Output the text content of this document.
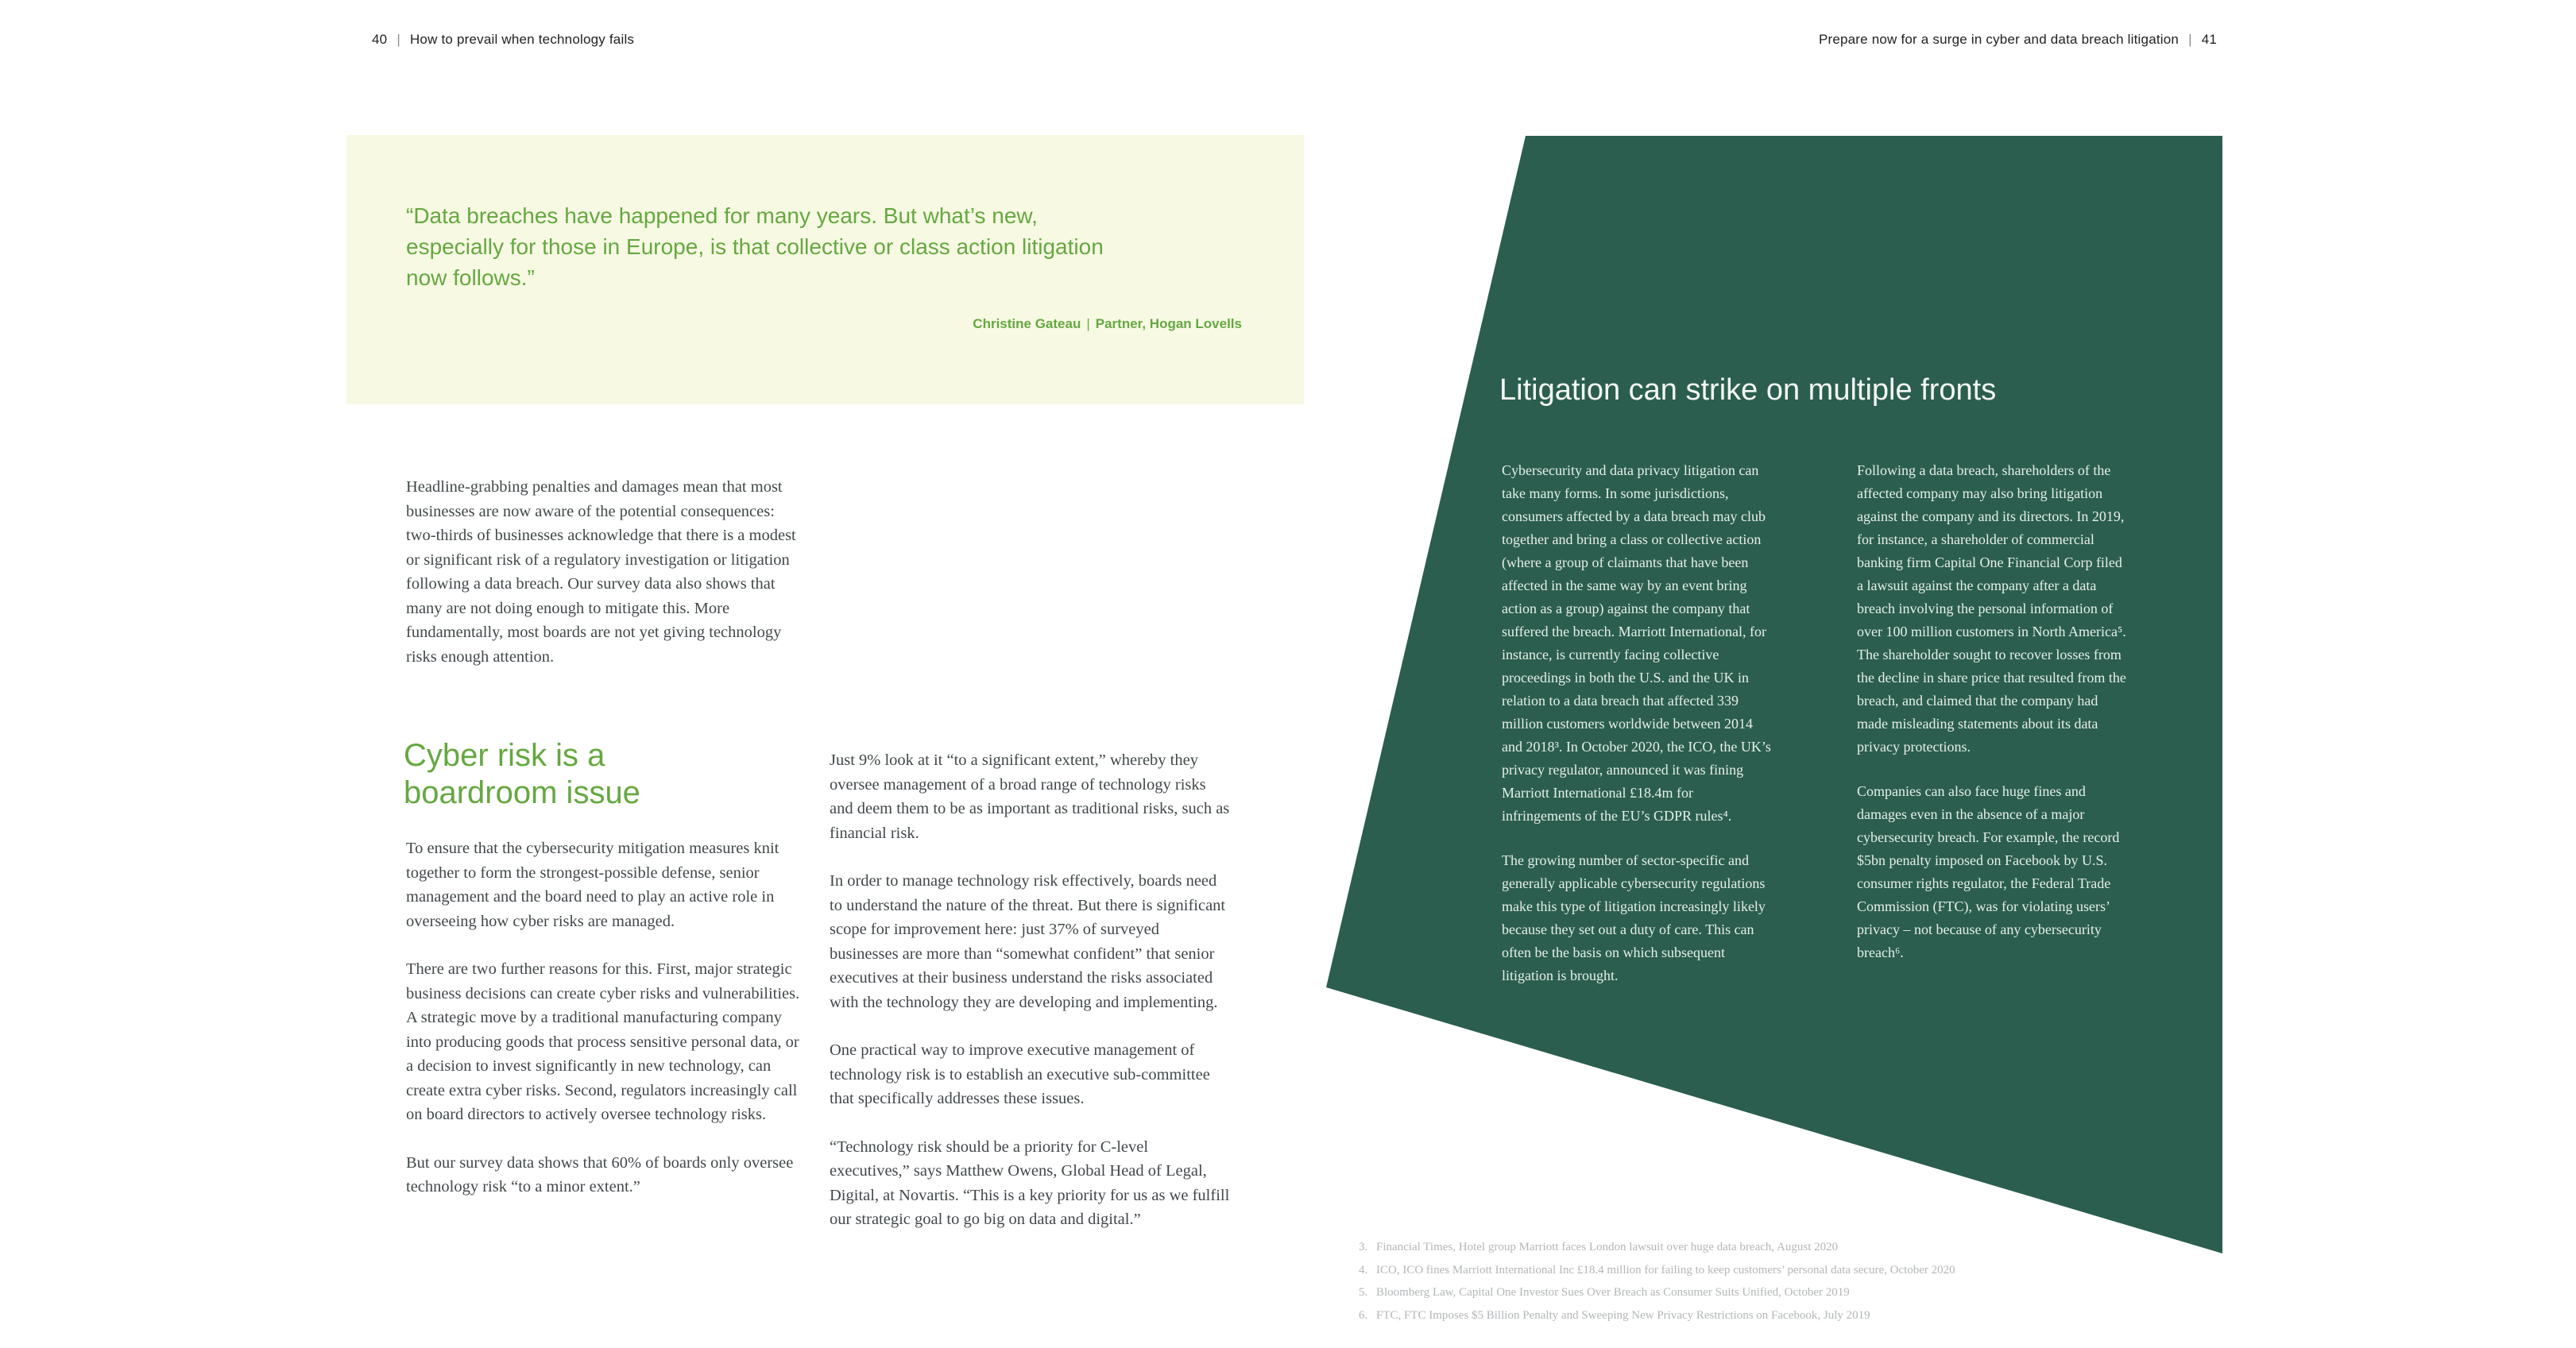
40 | How to prevail when technology fails	Prepare now for a surge in cyber and data breach litigation | 41
“Data breaches have happened for many years. But what’s new,
especially for those in Europe, is that collective or class action litigation
now follows.”
Christine Gateau | Partner, Hogan Lovells

Headline-grabbing penalties and damages mean that most businesses are now aware of the potential consequences: two-thirds of businesses acknowledge that there is a modest or significant risk of a regulatory investigation or litigation following a data breach. Our survey data also shows that many are not doing enough to mitigate this. More fundamentally, most boards are not yet giving technology risks enough attention.

Cyber risk is a boardroom issue

To ensure that the cybersecurity mitigation measures knit together to form the strongest-possible defense, senior management and the board need to play an active role in overseeing how cyber risks are managed.

There are two further reasons for this. First, major strategic business decisions can create cyber risks and vulnerabilities. A strategic move by a traditional manufacturing company into producing goods that process sensitive personal data, or a decision to invest significantly in new technology, can create extra cyber risks. Second, regulators increasingly call on board directors to actively oversee technology risks.

But our survey data shows that 60% of boards only oversee technology risk “to a minor extent.”

Just 9% look at it “to a significant extent,” whereby they oversee management of a broad range of technology risks and deem them to be as important as traditional risks, such as financial risk.

In order to manage technology risk effectively, boards need to understand the nature of the threat. But there is significant scope for improvement here: just 37% of surveyed businesses are more than “somewhat confident” that senior executives at their business understand the risks associated with the technology they are developing and implementing.

One practical way to improve executive management of technology risk is to establish an executive sub-committee that specifically addresses these issues.

“Technology risk should be a priority for C-level executives,” says Matthew Owens, Global Head of Legal, Digital, at Novartis. “This is a key priority for us as we fulfill our strategic goal to go big on data and digital.”

Litigation can strike on multiple fronts

Cybersecurity and data privacy litigation can take many forms. In some jurisdictions, consumers affected by a data breach may club together and bring a class or collective action (where a group of claimants that have been affected in the same way by an event bring action as a group) against the company that suffered the breach. Marriott International, for instance, is currently facing collective proceedings in both the U.S. and the UK in relation to a data breach that affected 339 million customers worldwide between 2014 and 2018³. In October 2020, the ICO, the UK’s privacy regulator, announced it was fining Marriott International £18.4m for infringements of the EU’s GDPR rules⁴.

The growing number of sector-specific and generally applicable cybersecurity regulations make this type of litigation increasingly likely because they set out a duty of care. This can often be the basis on which subsequent litigation is brought.

Following a data breach, shareholders of the affected company may also bring litigation against the company and its directors. In 2019, for instance, a shareholder of commercial banking firm Capital One Financial Corp filed a lawsuit against the company after a data breach involving the personal information of over 100 million customers in North America⁵. The shareholder sought to recover losses from the decline in share price that resulted from the breach, and claimed that the company had made misleading statements about its data privacy protections.

Companies can also face huge fines and damages even in the absence of a major cybersecurity breach. For example, the record $5bn penalty imposed on Facebook by U.S. consumer rights regulator, the Federal Trade Commission (FTC), was for violating users’ privacy – not because of any cybersecurity breach⁶.

3. Financial Times, Hotel group Marriott faces London lawsuit over huge data breach, August 2020
4. ICO, ICO fines Marriott International Inc £18.4 million for failing to keep customers’ personal data secure, October 2020
5. Bloomberg Law, Capital One Investor Sues Over Breach as Consumer Suits Unified, October 2019
6. FTC, FTC Imposes $5 Billion Penalty and Sweeping New Privacy Restrictions on Facebook, July 2019
